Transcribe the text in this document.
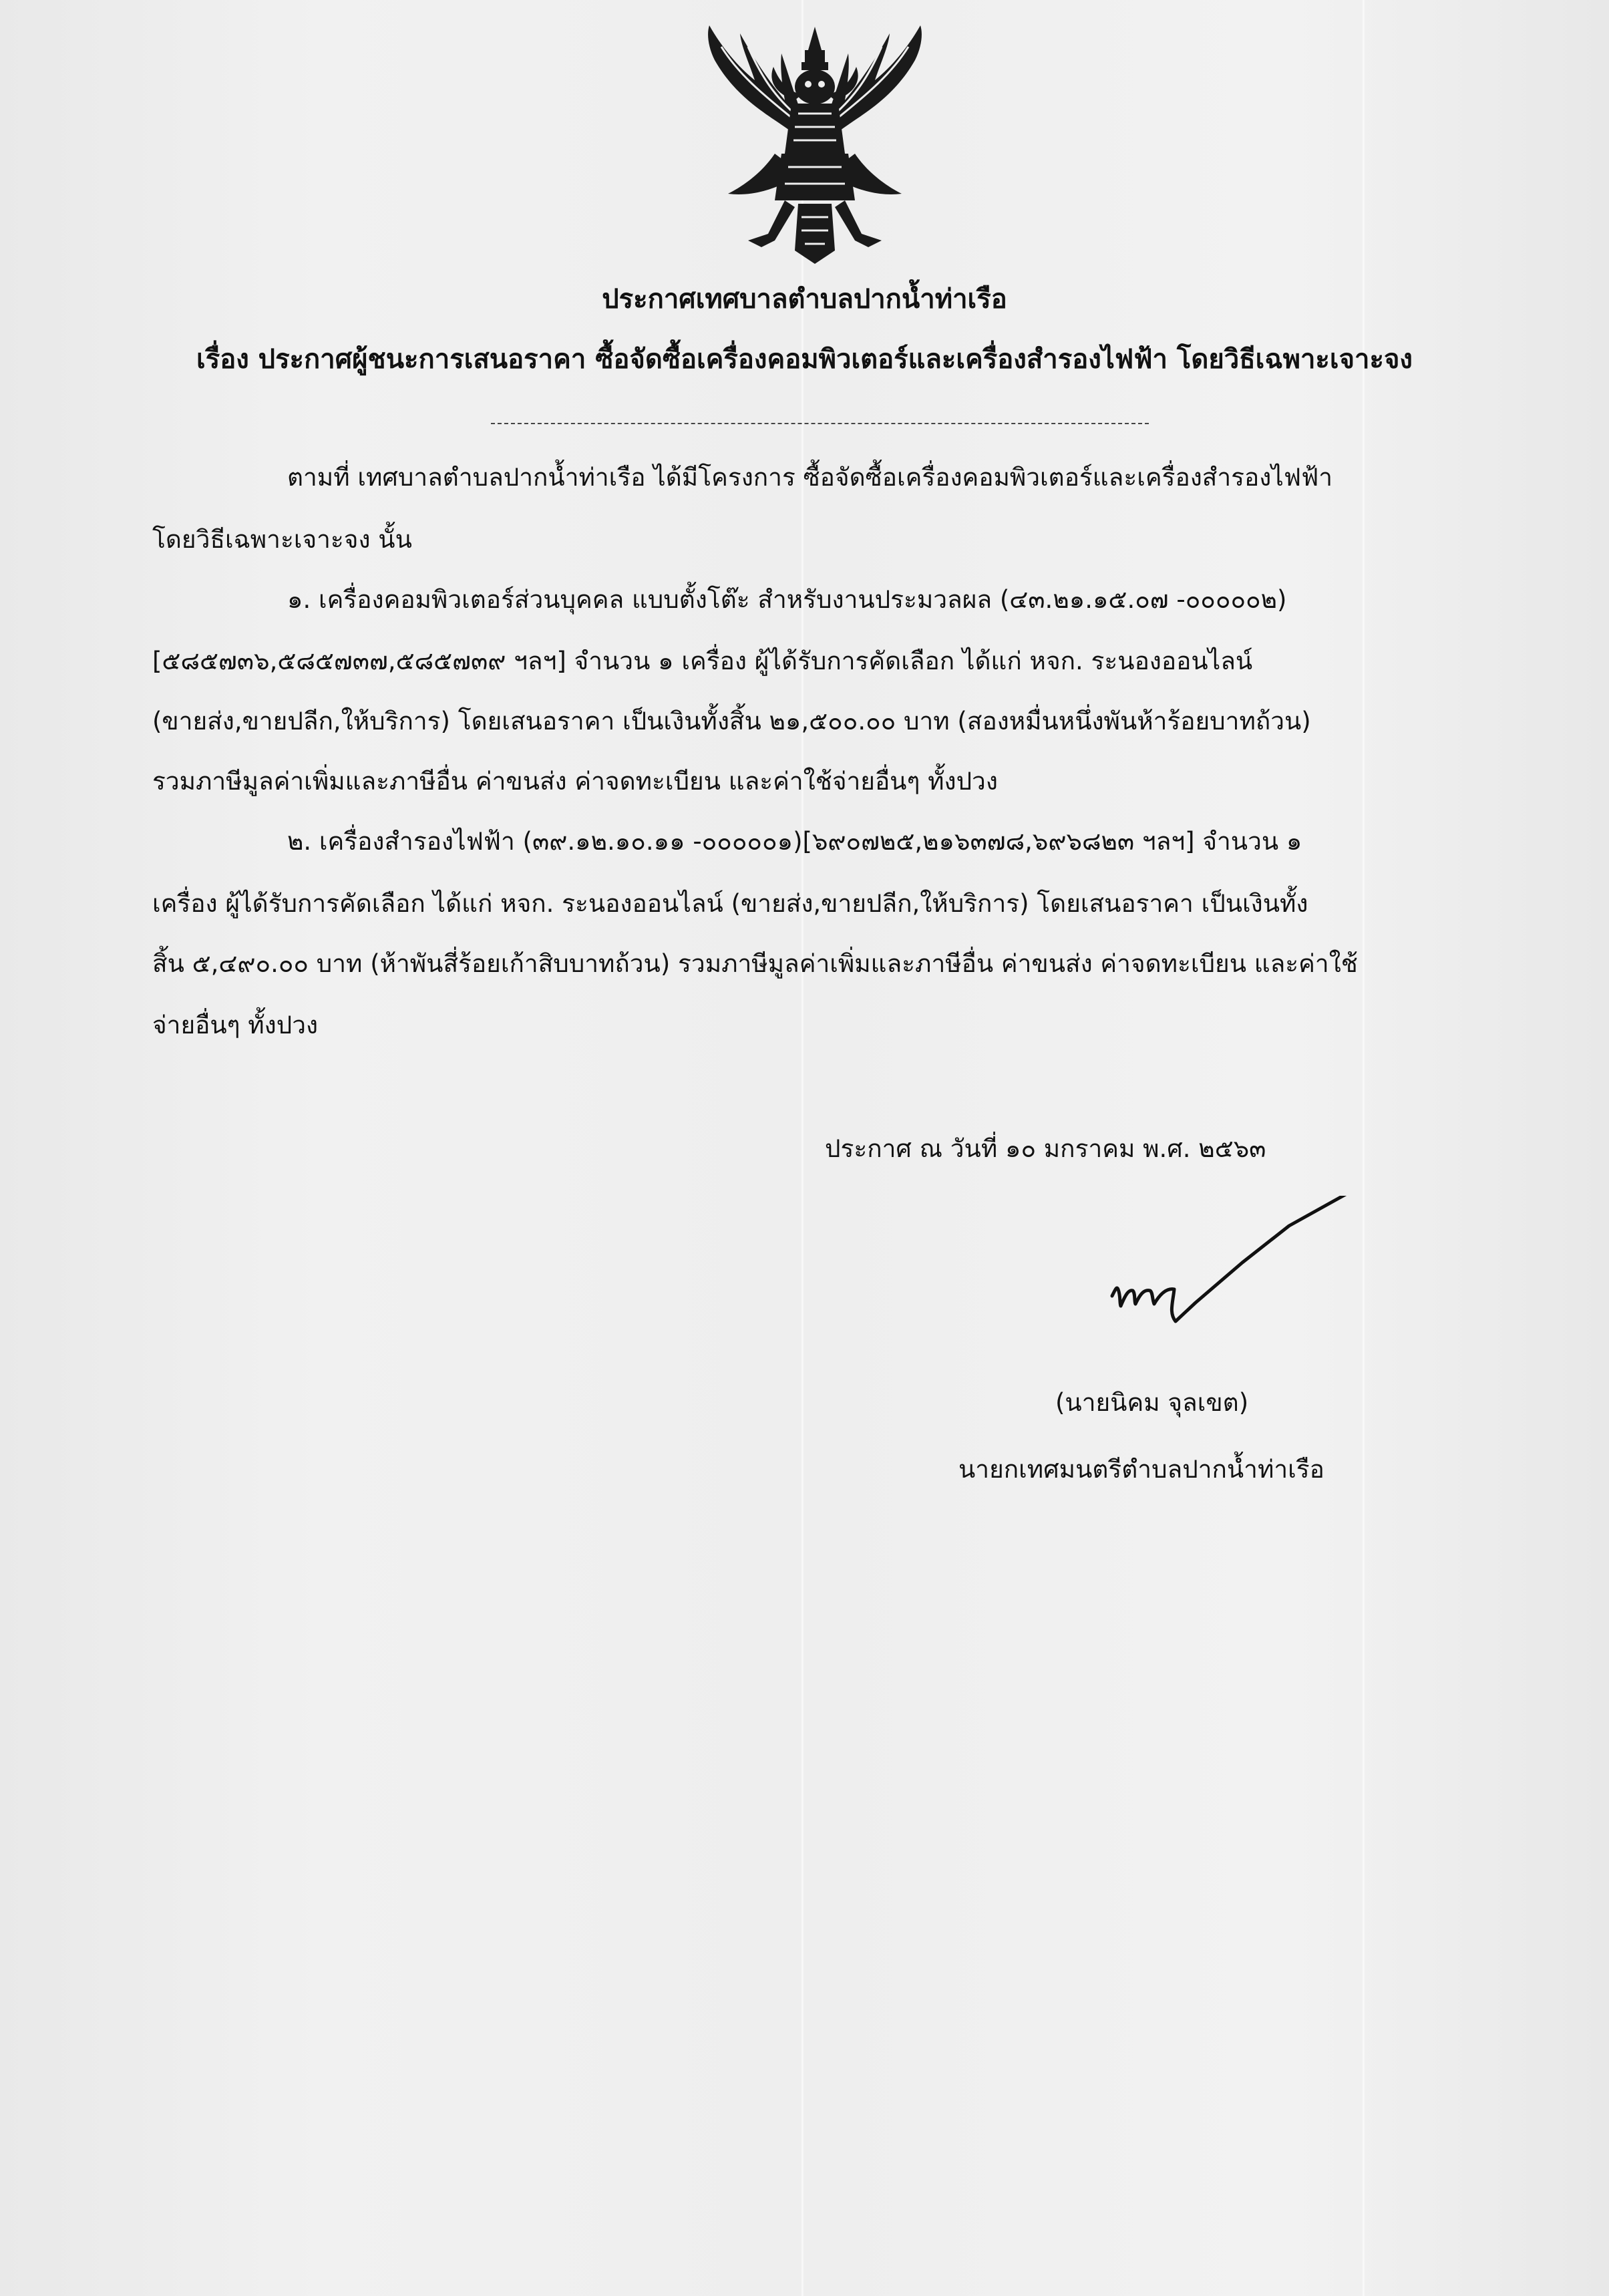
ประกาศเทศบาลตำบลปากน้ำท่าเรือ
เรื่อง ประกาศผู้ชนะการเสนอราคา ซื้อจัดซื้อเครื่องคอมพิวเตอร์และเครื่องสำรองไฟฟ้า โดยวิธีเฉพาะเจาะจง
ตามที่ เทศบาลตำบลปากน้ำท่าเรือ ได้มีโครงการ ซื้อจัดซื้อเครื่องคอมพิวเตอร์และเครื่องสำรองไฟฟ้า
โดยวิธีเฉพาะเจาะจง นั้น
๑. เครื่องคอมพิวเตอร์ส่วนบุคคล แบบตั้งโต๊ะ สำหรับงานประมวลผล (๔๓.๒๑.๑๕.๐๗ -๐๐๐๐๐๒)
[๕๘๕๗๓๖,๕๘๕๗๓๗,๕๘๕๗๓๙ ฯลฯ] จำนวน ๑ เครื่อง ผู้ได้รับการคัดเลือก ได้แก่ หจก. ระนองออนไลน์
(ขายส่ง,ขายปลีก,ให้บริการ) โดยเสนอราคา เป็นเงินทั้งสิ้น ๒๑,๕๐๐.๐๐ บาท (สองหมื่นหนึ่งพันห้าร้อยบาทถ้วน)
รวมภาษีมูลค่าเพิ่มและภาษีอื่น ค่าขนส่ง ค่าจดทะเบียน และค่าใช้จ่ายอื่นๆ ทั้งปวง
๒. เครื่องสำรองไฟฟ้า (๓๙.๑๒.๑๐.๑๑ -๐๐๐๐๐๑)[๖๙๐๗๒๕,๒๑๖๓๗๘,๖๙๖๘๒๓ ฯลฯ] จำนวน ๑
เครื่อง ผู้ได้รับการคัดเลือก ได้แก่ หจก. ระนองออนไลน์ (ขายส่ง,ขายปลีก,ให้บริการ) โดยเสนอราคา เป็นเงินทั้ง
สิ้น ๕,๔๙๐.๐๐ บาท (ห้าพันสี่ร้อยเก้าสิบบาทถ้วน) รวมภาษีมูลค่าเพิ่มและภาษีอื่น ค่าขนส่ง ค่าจดทะเบียน และค่าใช้
จ่ายอื่นๆ ทั้งปวง
ประกาศ ณ วันที่ ๑๐ มกราคม พ.ศ. ๒๕๖๓
(นายนิคม จุลเขต)
นายกเทศมนตรีตำบลปากน้ำท่าเรือ
